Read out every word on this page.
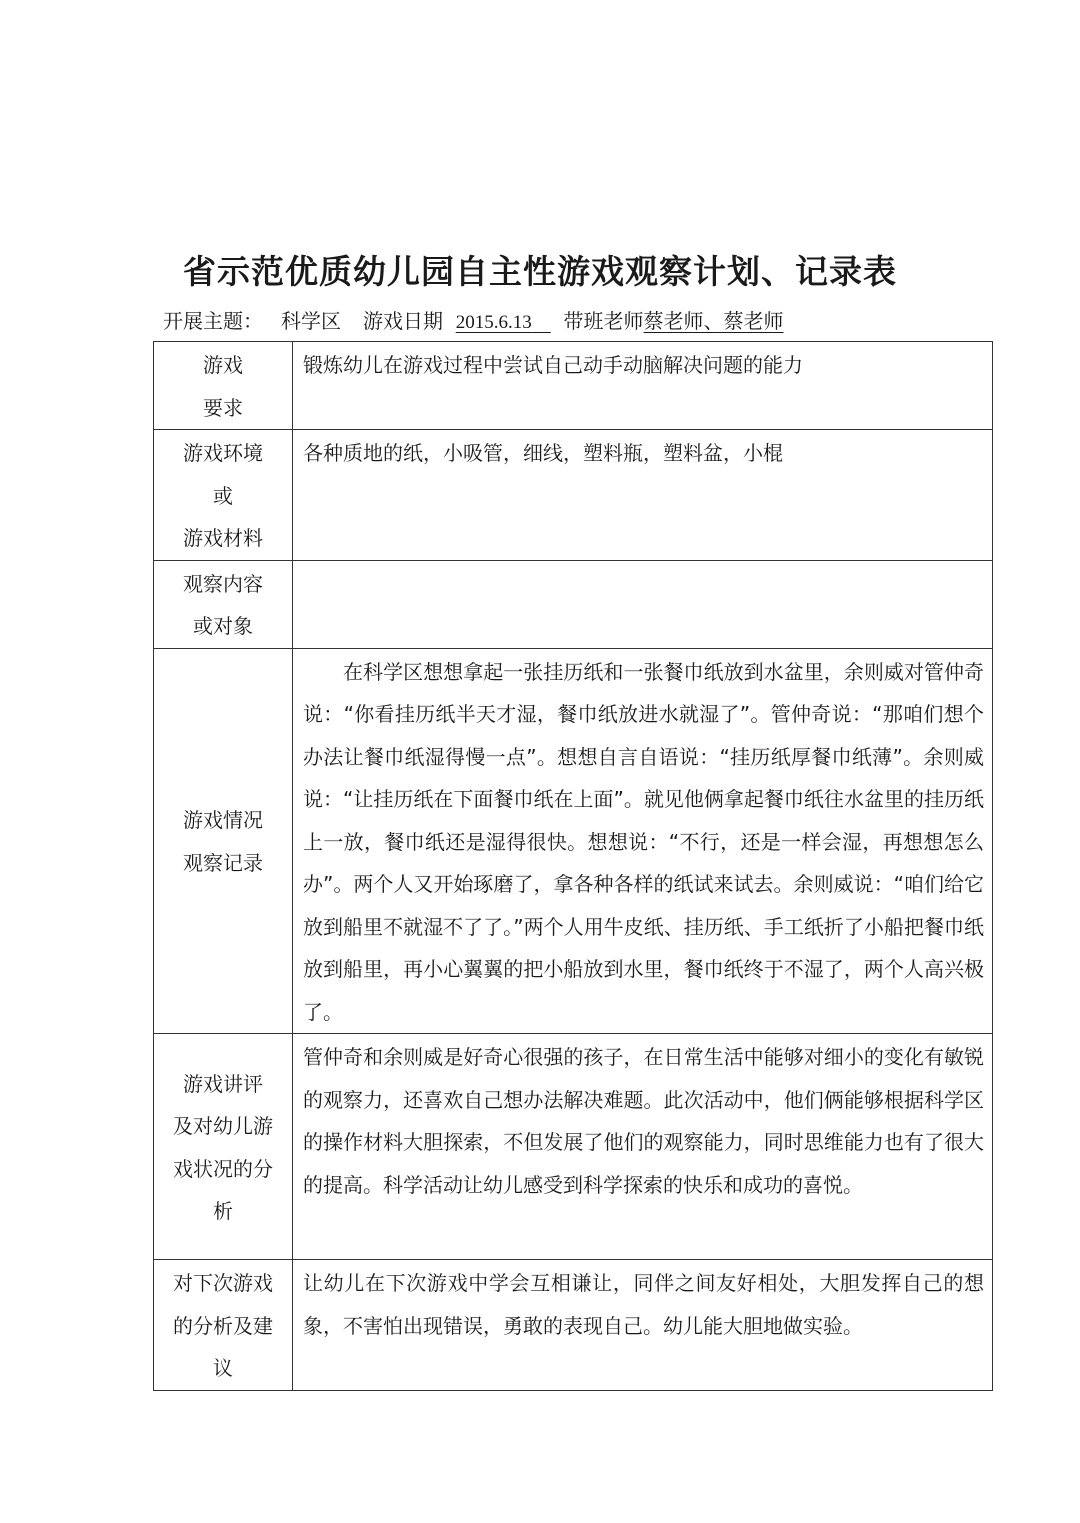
省示范优质幼儿园自主性游戏观察计划、记录表
开展主题： 科学区 游戏日期 2015.6.13 带班老师蔡老师、蔡老师
游戏
要求	锻炼幼儿在游戏过程中尝试自己动手动脑解决问题的能力

游戏环境
或
游戏材料	各种质地的纸，小吸管，细线，塑料瓶，塑料盆，小棍

观察内容
或对象	

游戏情况
观察记录	在科学区想想拿起一张挂历纸和一张餐巾纸放到水盆里，余则威对管仲奇说：“你看挂历纸半天才湿，餐巾纸放进水就湿了”。管仲奇说：“那咱们想个办法让餐巾纸湿得慢一点”。想想自言自语说：“挂历纸厚餐巾纸薄”。余则威说：“让挂历纸在下面餐巾纸在上面”。就见他俩拿起餐巾纸往水盆里的挂历纸上一放，餐巾纸还是湿得很快。想想说：“不行，还是一样会湿，再想想怎么办”。两个人又开始琢磨了，拿各种各样的纸试来试去。余则威说：“咱们给它放到船里不就湿不了了。”两个人用牛皮纸、挂历纸、手工纸折了小船把餐巾纸放到船里，再小心翼翼的把小船放到水里，餐巾纸终于不湿了，两个人高兴极了。

游戏讲评
及对幼儿游
戏状况的分
析	管仲奇和余则威是好奇心很强的孩子，在日常生活中能够对细小的变化有敏锐的观察力，还喜欢自己想办法解决难题。此次活动中，他们俩能够根据科学区的操作材料大胆探索，不但发展了他们的观察能力，同时思维能力也有了很大的提高。科学活动让幼儿感受到科学探索的快乐和成功的喜悦。

对下次游戏
的分析及建
议	让幼儿在下次游戏中学会互相谦让，同伴之间友好相处，大胆发挥自己的想象，不害怕出现错误，勇敢的表现自己。幼儿能大胆地做实验。
